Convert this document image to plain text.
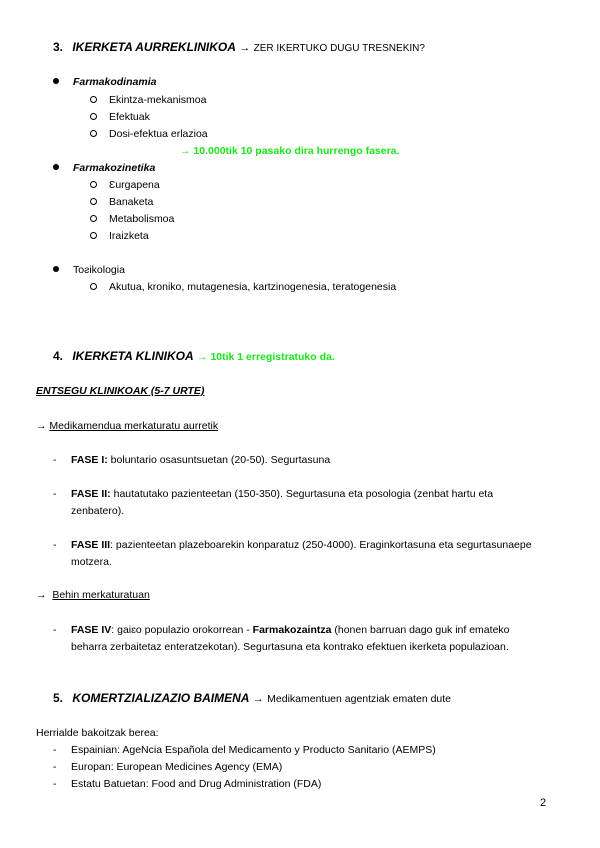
3. IKERKETA AURREKLINIKOA → ZER IKERTUKO DUGU TRESNEKIN?
Farmakodinamia
Ekintza-mekanismoa
Efektuak
Dosi-efektua erlazioa
→ 10.000tik 10 pasako dira hurrengo fasera.
Farmakozinetika
Ɛurgapena
Banaketa
Metabolismoa
Iraizketa
Toƨikologia
Akutua, kroniko, mutagenesia, kartzinogenesia, teratogenesia
4. IKERKETA KLINIKOA → 10tik 1 erregistratuko da.
ENTSEGU KLINIKOAK (5-7 URTE)
→ Medikamendua merkaturatu aurretik
- FASE I: boluntario osasuntsuetan (20-50). Segurtasuna
- FASE II: hautatutako pazienteetan (150-350). Segurtasuna eta posologia (zenbat hartu eta
zenbatero).
- FASE III: pazienteetan plazeboarekin konparatuz (250-4000). Eraginkortasuna eta segurtasunaepe
motzera.
→ Behin merkaturatuan
- FASE IV: gaiɛo populazio orokorrean - Farmakozaintza (honen barruan dago guk inf emateko
beharra zerbaitetaz enteratzekotan). Segurtasuna eta kontrako efektuen ikerketa populazioan.
5. KOMERTZIALIZAZIO BAIMENA → Medikamentuen agentziak ematen dute
Herrialde bakoitzak berea:
- Espainian: AgeNcia Española del Medicamento y Producto Sanitario (AEMPS)
- Europan: European Medicines Agency (EMA)
- Estatu Batuetan: Food and Drug Administration (FDA)
2
